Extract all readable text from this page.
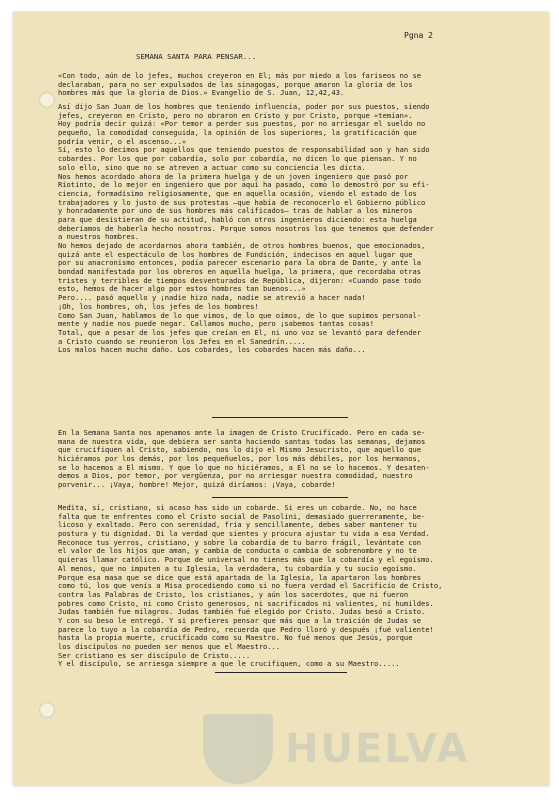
HUELVA
Pgna 2
SEMANA SANTA PARA PENSAR...
«Con todo, aún de lo jefes, muchos creyeron en El; más por miedo a los fariseos no se
declaraban, para no ser expulsados de las sinagogas, porque amaron la gloria de los
hombres más que la gloria de Dios.» Evangelio de S. Juan, 12,42,43.
Así dijo San Juan de los hombres que teniendo influencia, poder por sus puestos, siendo
jefes, creyeron en Cristo, pero no obraron en Cristo y por Cristo, porque «temían».
Hoy podría decir quizá: «Por temor a perder sus puestos, por no arriesgar el sueldo no
pequeño, la comodidad conseguida, la opinión de los superiores, la gratificación que
podría venir, o el ascenso...»
Sí, esto lo decimos por aquellos que teniendo puestos de responsabilidad son y han sido
cobardes. Por los que por cobardía, solo por cobardía, no dicen lo que piensan. Y no
solo ello, sino que no se atreven a actuar como su conciencia les dicta.
Nos hemos acordado ahora de la primera huelga y de un joven ingeniero que pasó por
Riotinto, de lo mejor en ingeniero que por aquí ha pasado, como lo demostró por su efi-
ciencia, formadísimo religiosamente, que en aquella ocasión, viendo el estado de los
trabajadores y lo justo de sus protestas —que había de reconocerlo el Gobierno público
y honradamente por uno de sus hombres más calificados— tras de hablar a los mineros
para que desistieran de su actitud, habló con otros ingenieros diciendo: esta huelga
deberíamos de haberla hecho nosotros. Porque somos nosotros los que tenemos que defender
a nuestros hombres.
No hemos dejado de acordarnos ahora también, de otros hombres buenos, que emocionados,
quizá ante el espectáculo de los hombres de Fundición, indecisos en aquel lugar que
por su anacronismo entonces, podía parecer escenario para la obra de Dante, y ante la
bondad manifestada por los obreros en aquella huelga, la primera, que recordaba otras
tristes y terribles de tiempos desventurados de República, dijeron: «Cuando pase todo
esto, hemos de hacer algo por estos hombres tan buenos...»
Pero.... pasó aquello y ¡nadie hizo nada, nadie se atrevió a hacer nada!
¡Oh, los hombres, oh, los jefes de los hombres!
Como San Juan, hablamos de lo que vimos, de lo que oímos, de lo que supimos personal-
mente y nadie nos puede negar. Callamos mucho, pero ¡sabemos tantas cosas!
Total, que a pesar de los jefes que creían en El, ni uno voz se levantó para defender
a Cristo cuando se reunieron los Jefes en el Sanedrín.....
Los malos hacen mucho daño. Los cobardes, los cobardes hacen más daño...
En la Semana Santa nos apenamos ante la imagen de Cristo Crucificado. Pero en cada se-
mana de nuestra vida, que debiera ser santa haciendo santas todas las semanas, dejamos
que crucifiquen al Cristo, sabiendo, nos lo dijo el Mismo Jesucristo, que aquello que
hiciéramos por los demás, por los pequeñuelos, por los más débiles, por los hermanos,
se lo hacemos a El mismo. Y que lo que no hiciéramos, a El no se lo hacemos. Y desaten-
demos a Dios, por temor, por vergüenza, por no arriesgar nuestra comodidad, nuestro
porvenir... ¡Vaya, hombre! Mejor, quizá diríamos: ¡Vaya, cobarde!
Medita, sí, cristiano, si acaso has sido un cobarde. Si eres un cobarde. No, no hace
falta que te enfrentes como el Cristo social de Pasolini, demasiado guerreramente, be-
licoso y exaltado. Pero con serenidad, fría y sencillamente, debes saber mantener tu
postura y tu dignidad. Di la verdad que sientes y procura ajustar tu vida a esa Verdad.
Reconoce tus yerros, cristiano, y sobre la cobardía de tu barro frágil, levántate con
el valor de los hijos que aman, y cambia de conducta o cambia de sobrenombre y no te
quieras llamar católico. Porque de universal no tienes más que la cobardía y el egoísmo.
Al menos, que no imputen a tu Iglesia, la verdadera, tu cobardía y tu sucio egoísmo.
Porque esa masa que se dice que está apartada de la Iglesia, la apartaron los hombres
como tú, los que venís a Misa procediendo como si no fuera verdad el Sacrificio de Cristo,
contra las Palabras de Cristo, los cristianos, y aún los sacerdotes, que ni fueron
pobres como Cristo, ni como Cristo generosos, ni sacrificados ni valientes, ni humildes.
Judas también fue milagros. Judas también fué elegido por Cristo. Judas besó a Cristo.
Y con su beso le entregó. Y si prefieres pensar que más que a la traición de Judas se
parece lo tuyo a la cobardía de Pedro, recuerda que Pedro lloró y después ¡fué valiente!
hasta la propia muerte, crucificado como su Maestro. No fué menos que Jesús, porque
los discípulos no pueden ser menos que el Maestro...
Ser cristiano es ser discípulo de Cristo.....
Y el discípulo, se arriesga siempre a que le crucifiquen, como a su Maestro.....
